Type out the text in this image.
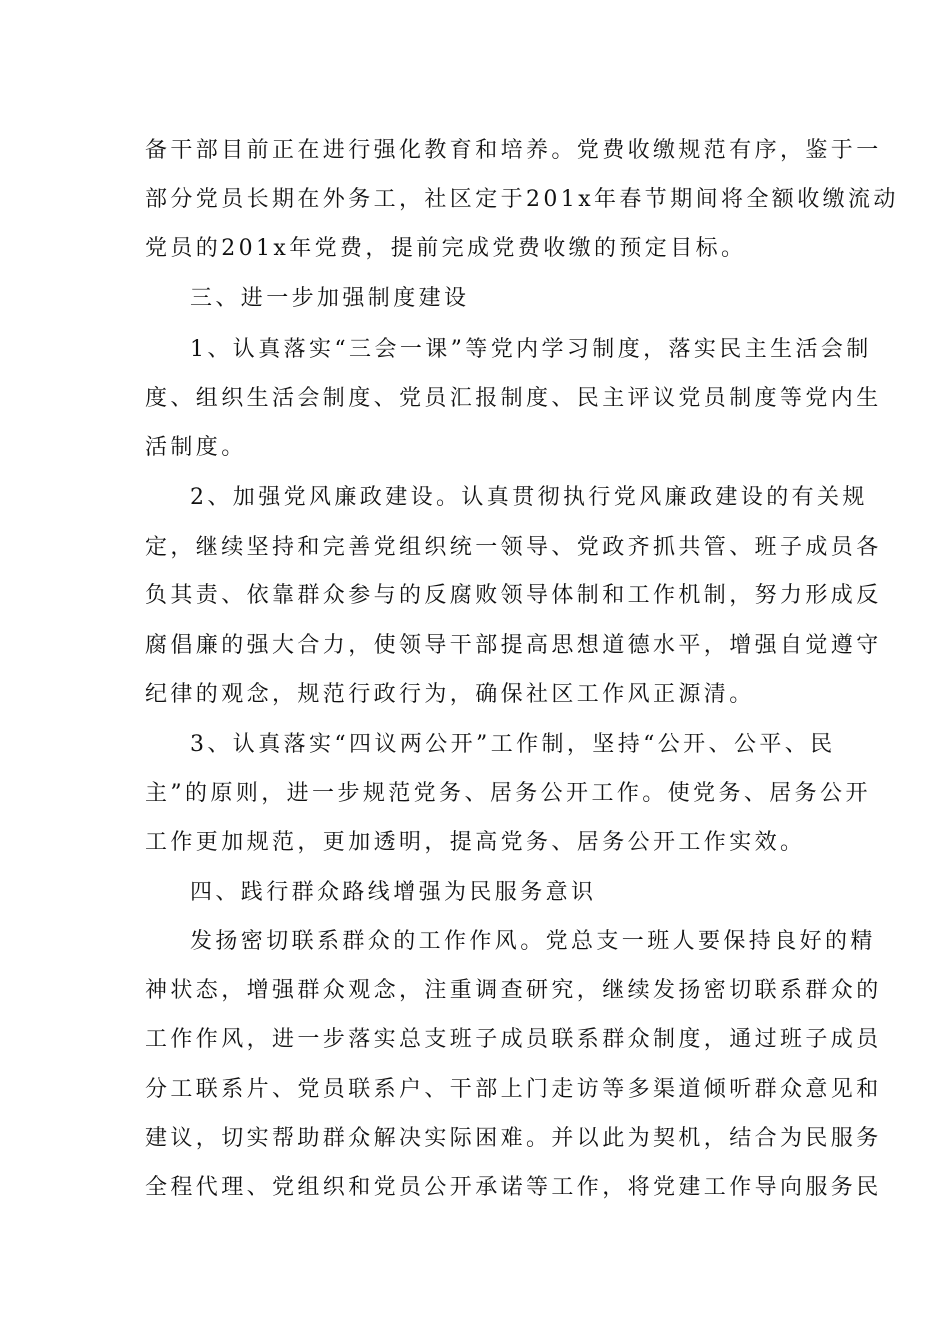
备干部目前正在进行强化教育和培养。党费收缴规范有序，鉴于一
部分党员长期在外务工，社区定于201x年春节期间将全额收缴流动
党员的201x年党费，提前完成党费收缴的预定目标。
三、进一步加强制度建设
1、认真落实“三会一课”等党内学习制度，落实民主生活会制
度、组织生活会制度、党员汇报制度、民主评议党员制度等党内生
活制度。
2、加强党风廉政建设。认真贯彻执行党风廉政建设的有关规
定，继续坚持和完善党组织统一领导、党政齐抓共管、班子成员各
负其责、依靠群众参与的反腐败领导体制和工作机制，努力形成反
腐倡廉的强大合力，使领导干部提高思想道德水平，增强自觉遵守
纪律的观念，规范行政行为，确保社区工作风正源清。
3、认真落实“四议两公开”工作制，坚持“公开、公平、民
主”的原则，进一步规范党务、居务公开工作。使党务、居务公开
工作更加规范，更加透明，提高党务、居务公开工作实效。
四、践行群众路线增强为民服务意识
发扬密切联系群众的工作作风。党总支一班人要保持良好的精
神状态，增强群众观念，注重调查研究，继续发扬密切联系群众的
工作作风，进一步落实总支班子成员联系群众制度，通过班子成员
分工联系片、党员联系户、干部上门走访等多渠道倾听群众意见和
建议，切实帮助群众解决实际困难。并以此为契机，结合为民服务
全程代理、党组织和党员公开承诺等工作，将党建工作导向服务民
